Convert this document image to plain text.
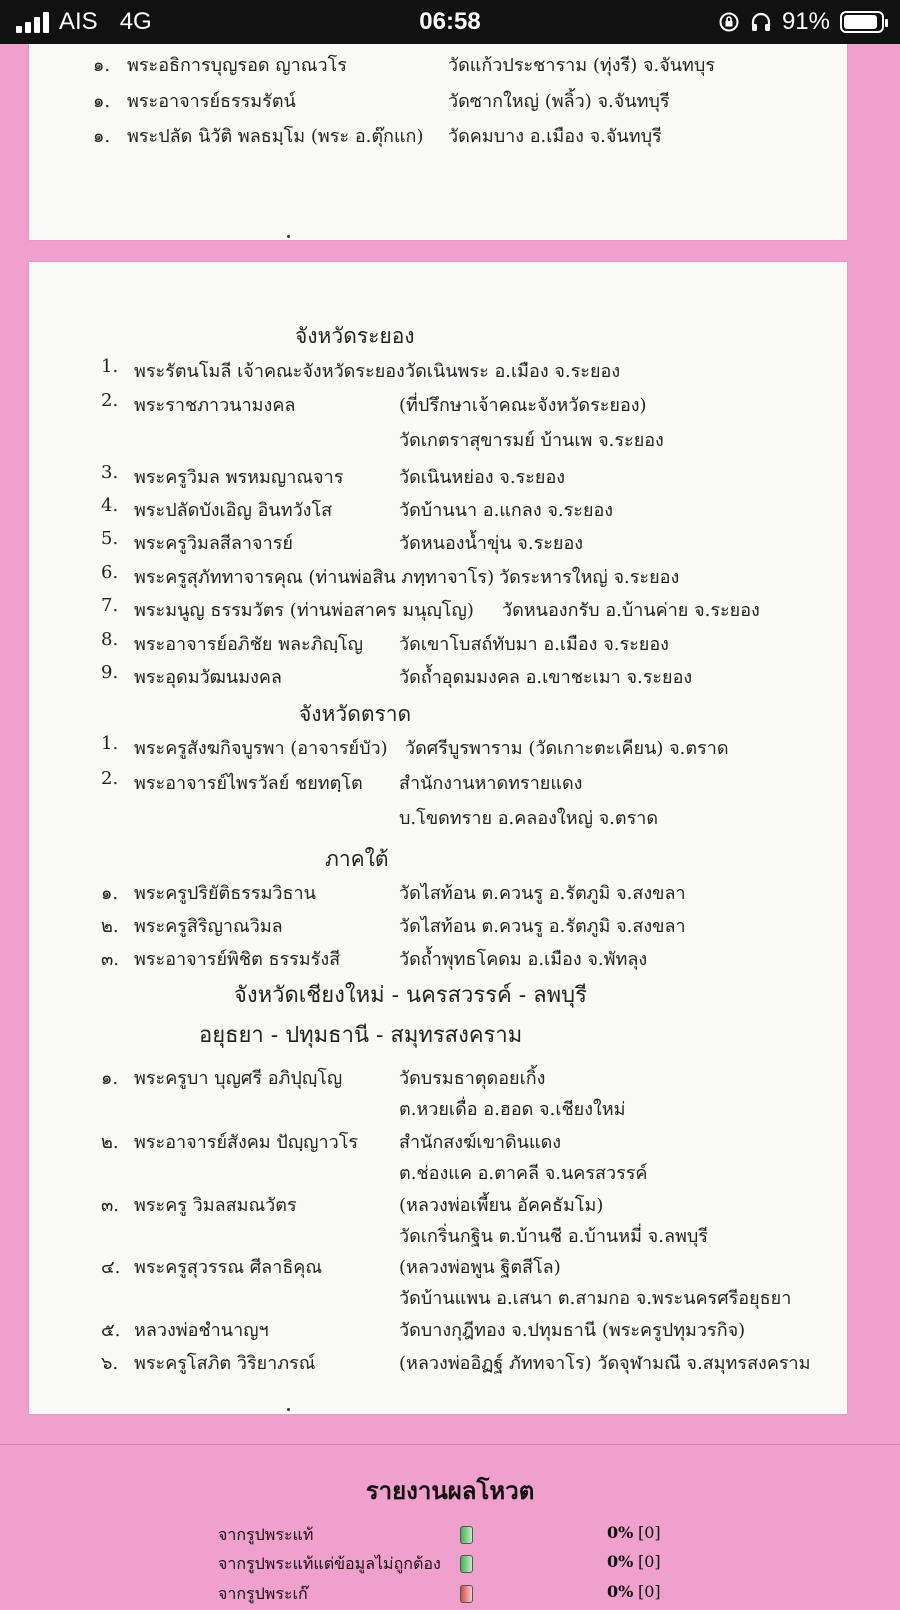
AIS 4G	06:58	91%
๑. พระอธิการบุญรอด ญาณวโร	วัดแก้วประชาราม (ทุ่งรี) จ.จันทบุร
๑. พระอาจารย์ธรรมรัตน์	วัดซากใหญ่ (พลิ้ว) จ.จันทบุรี
๑. พระปลัด นิวัติ พลธมฺโม (พระ อ.ตุ๊กแก) วัดคมบาง อ.เมือง จ.จันทบุรี
จังหวัดระยอง
1. พระรัตนโมลี เจ้าคณะจังหวัดระยอง วัดเนินพระ อ.เมือง จ.ระยอง
2. พระราชภาวนามงคล	(ที่ปรึกษาเจ้าคณะจังหวัดระยอง)
วัดเกตราสุขารมย์ บ้านเพ จ.ระยอง
3. พระครูวิมล พรหมญาณจาร	วัดเนินหย่อง จ.ระยอง
4. พระปลัดบังเอิญ อินทวังโส	วัดบ้านนา อ.แกลง จ.ระยอง
5. พระครูวิมลสีลาจารย์	วัดหนองน้ำขุ่น จ.ระยอง
6. พระครูสุภัททาจารคุณ (ท่านพ่อสิน ภทฺทาจาโร) วัดระหารใหญ่ จ.ระยอง
7. พระมนูญ ธรรมวัตร (ท่านพ่อสาคร มนุญฺโญ) วัดหนองกรับ อ.บ้านค่าย จ.ระยอง
8. พระอาจารย์อภิชัย พละภิญฺโญ วัดเขาโบสถ์ทับมา อ.เมือง จ.ระยอง
9. พระอุดมวัฒนมงคล	วัดถ้ำอุดมมงคล อ.เขาชะเมา จ.ระยอง
จังหวัดตราด
1. พระครูสังฆกิจบูรพา (อาจารย์บัว) วัดศรีบูรพาราม (วัดเกาะตะเคียน) จ.ตราด
2. พระอาจารย์ไพรวัลย์ ชยทตฺโต สำนักงานหาดทรายแดง
บ.โขดทราย อ.คลองใหญ่ จ.ตราด
ภาคใต้
๑. พระครูปริยัติธรรมวิธาน	วัดไสท้อน ต.ควนรู อ.รัตภูมิ จ.สงขลา
๒. พระครูสิริญาณวิมล	วัดไสท้อน ต.ควนรู อ.รัตภูมิ จ.สงขลา
๓. พระอาจารย์พิชิต ธรรมรังสี	วัดถ้ำพุทธโคดม อ.เมือง จ.พัทลุง
จังหวัดเชียงใหม่ - นครสวรรค์ - ลพบุรี
อยุธยา - ปทุมธานี - สมุทรสงคราม
๑. พระครูบา บุญศรี อภิปุญฺโญ	วัดบรมธาตุดอยเกิ้ง
ต.หวยเดื่อ อ.ฮอด จ.เชียงใหม่
๒. พระอาจารย์สังคม ปัญฺญาวโร สำนักสงฆ์เขาดินแดง
ต.ช่องแค อ.ตาคลี จ.นครสวรรค์
๓. พระครู วิมลสมณวัตร	(หลวงพ่อเพี้ยน อัคคธัมโม)
วัดเกริ่นกฐิน ต.บ้านชี อ.บ้านหมี่ จ.ลพบุรี
๔. พระครูสุวรรณ ศีลาธิคุณ	(หลวงพ่อพูน ฐิตสีโล)
วัดบ้านแพน อ.เสนา ต.สามกอ จ.พระนครศรีอยุธยา
๕. หลวงพ่อชำนาญฯ	วัดบางกุฎีทอง จ.ปทุมธานี (พระครูปทุมวรกิจ)
๖. พระครูโสภิต วิริยาภรณ์	(หลวงพ่ออิฏฐ์ ภัททจาโร) วัดจุฬามณี จ.สมุทรสงคราม
รายงานผลโหวต
จากรูปพระแท้	0% [0]
จากรูปพระแท้แต่ข้อมูลไม่ถูกต้อง	0% [0]
จากรูปพระเก๊	0% [0]
